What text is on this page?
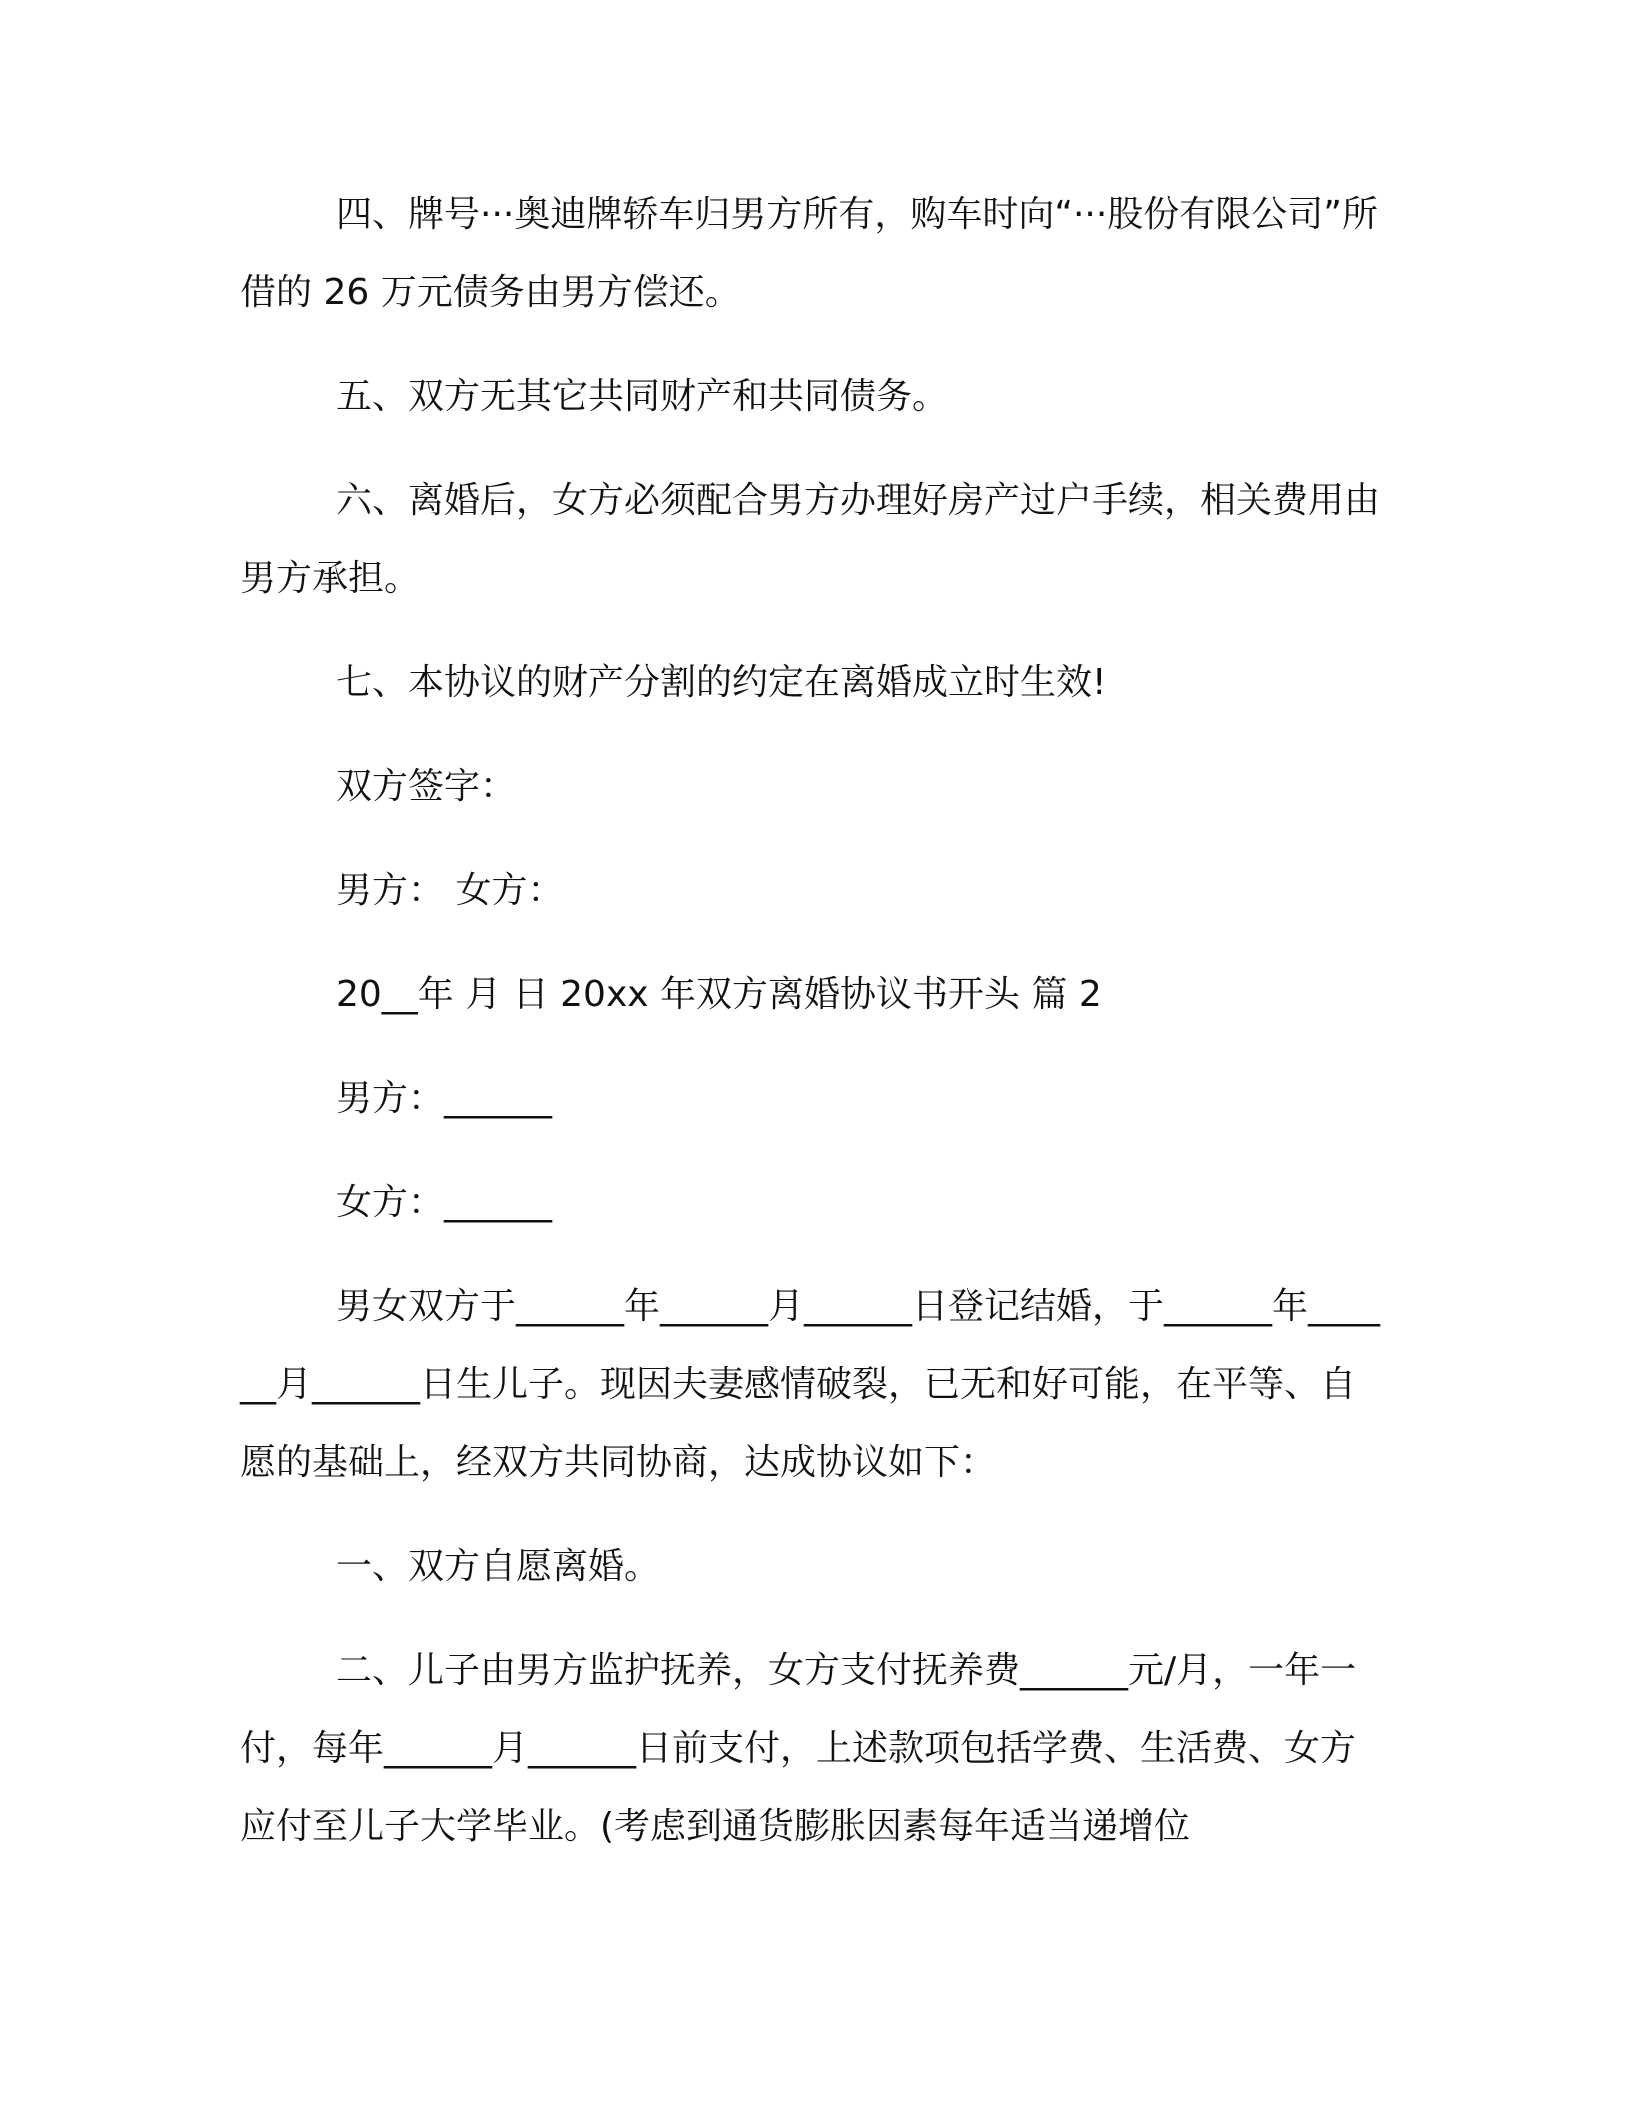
四、牌号···奥迪牌轿车归男方所有，购车时向“···股份有限公司”所借的 26 万元债务由男方偿还。

五、双方无其它共同财产和共同债务。

六、离婚后，女方必须配合男方办理好房产过户手续，相关费用由男方承担。

七、本协议的财产分割的约定在离婚成立时生效!

双方签字：

男方： 女方：

20__年 月 日 20xx 年双方离婚协议书开头 篇 2

男方：______

女方：______

男女双方于______年______月______日登记结婚，于______年______月______日生儿子。现因夫妻感情破裂，已无和好可能，在平等、自愿的基础上，经双方共同协商，达成协议如下：

一、双方自愿离婚。

二、儿子由男方监护抚养，女方支付抚养费______元/月，一年一付，每年______月______日前支付，上述款项包括学费、生活费、女方应付至儿子大学毕业。(考虑到通货膨胀因素每年适当递增位
